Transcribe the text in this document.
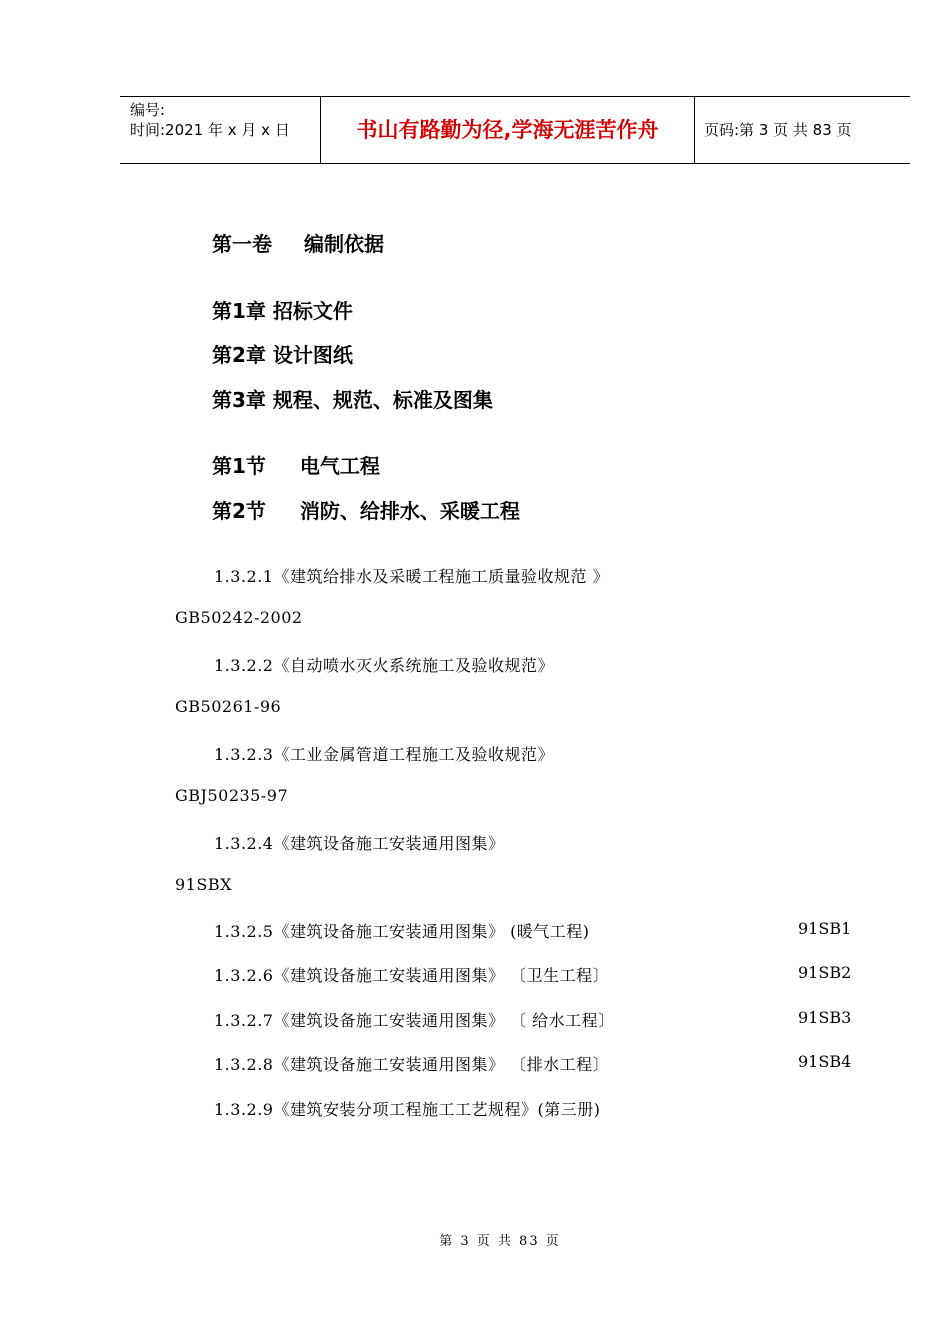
编号:
时间:2021 年 x 月 x 日	书山有路勤为径,学海无涯苦作舟	页码:第 3 页 共 83 页
第一卷 编制依据
第1章 招标文件
第2章 设计图纸
第3章 规程、规范、标准及图集
第1节 电气工程
第2节 消防、给排水、采暖工程
1.3.2.1《建筑给排水及采暖工程施工质量验收规范 》
GB50242-2002
1.3.2.2《自动喷水灭火系统施工及验收规范》
GB50261-96
1.3.2.3《工业金属管道工程施工及验收规范》
GBJ50235-97
1.3.2.4《建筑设备施工安装通用图集》
91SBX
1.3.2.5《建筑设备施工安装通用图集》 (暖气工程)	91SB1
1.3.2.6《建筑设备施工安装通用图集》 〔卫生工程〕	91SB2
1.3.2.7《建筑设备施工安装通用图集》 〔 给水工程〕	91SB3
1.3.2.8《建筑设备施工安装通用图集》 〔排水工程〕	91SB4
1.3.2.9《建筑安装分项工程施工工艺规程》(第三册)
第 3 页 共 83 页
